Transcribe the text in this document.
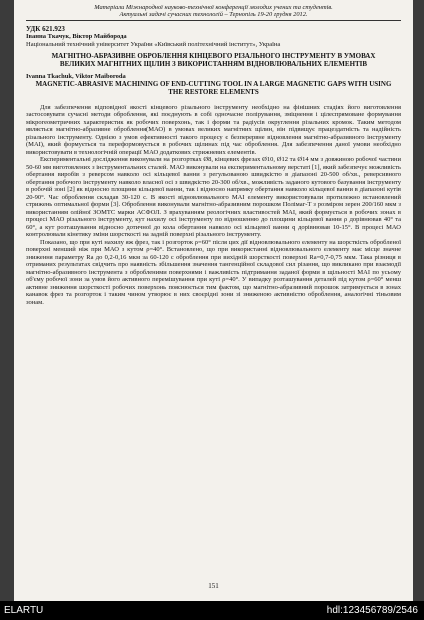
Матеріали Міжнародної науково-технічної конференції молодих учених та студентів.
Актуальні задачі сучасних технологій – Тернопіль 19-20 грудня 2012.
УДК 621.923
Іванна Ткачук, Віктор Майборода
Національний технічний університет України «Київський політехнічний інститут», Україна
МАГНІТНО-АБРАЗИВНЕ ОБРОБЛЕННЯ КІНЦЕВОГО РІЗАЛЬНОГО ІНСТРУМЕНТУ В УМОВАХ ВЕЛИКИХ МАГНІТНИХ ЩІЛИН З ВИКОРИСТАННЯМ ВІДНОВЛЮВАЛЬНИХ ЕЛЕМЕНТІВ
Ivanna Tkachuk, Viktor Maiboroda
MAGNETIC-ABRASIVE MACHINING OF END-CUTTING TOOL IN A LARGE MAGNETIC GAPS WITH USING THE RESTORE ELEMENTS
Для забезпечення відповідної якості кінцевого різального інструменту необхідно на фінішних стадіях його виготовлення застосовувати сучасні методи оброблення, які поєднують в собі одночасне полірування, зміцнення і цілеспрямоване формування мікрогеометричних характеристик як робочих поверхонь, так і форми та радіусів округлення різальних кромок. Таким методом являється магнітно-абразивне оброблення(МАО) в умовах великих магнітних щілин, він підвищує працездатність та надійність різального інструменту. Однією з умов ефективності такого процесу є безперервне відновлення магнітно-абразивного інструменту (МАІ), який формується та переформовується в робочих щілинах під час оброблення. Для забезпечення даної умови необхідно використовувати в технологічній операції МАО додаткових стрижневих елементів.
Експериментальні дослідження виконували на розгортках Ø8, кінцевих фрезах Ø10, Ø12 та Ø14 мм з довжиною робочої частини 50-60 мм виготовлених з інструментальних сталей. МАО виконували на експериментальному верстаті [1], який забезпечує можливість обертання виробів з реверсом навколо осі кільцевої ванни з регульованою швидкістю в діапазоні 20-500 об/хв., реверсивного обертання робочого інструменту навколо власної осі з швидкістю 20-300 об/хв., можливість заданого кутового базування інструменту в робочій зоні [2] як відносно площини кільцевої ванни, так і відносно напрямку обертання навколо кільцевої ванни в діапазоні кутів 20-90°. Час оброблення складав 30-120 с. В якості відновлювального МАІ елементу використовували протилежно встановлений стрижень оптимальної форми [3]. Оброблення виконували магнітно-абразивним порошком Полімаг-Т з розміром зерен 200/160 мкм з використанням олійної ЗОМТС марки АСФОЛ. З врахуванням реологічних властивостей МАІ, який формується в робочих зонах в процесі МАО різального інструменту, кут нахилу осі інструменту по відношенню до площини кільцевої ванни ρ дорівнював 40° та 60°, а кут розташування відносно дотичної до кола обертання навколо осі кільцевої ванни q дорівнював 10-15°. В процесі МАО контролювали кінетику зміни шорсткості на задній поверхні різального інструменту.
Показано, що при куті нахилу яж фрез, так і розгорток ρ=60° після цих дії відновлювального елементу на шорсткість обробленої поверхні менший ніж при МАО з кутом ρ=40°. Встановлено, що при використанні відновлювального елементу має місце значне зниження параметру Ra до 0,2-0,16 мкм за 60-120 с оброблення при вихідній шорсткості поверхні Ra=0,7-0,75 мкм. Така різниця в отриманих результатах свідчить про наявність збільшення значення тангенційної складової сил різання, що викликано при взаємодії магнітно-абразивного інструмента з обробленими поверхнями і важливість підтримання заданої форми в щільності МАІ по усьому об'єму робочої зони за умов його активного перемішування при куті ρ=40°. У випадку розташування деталей під кутом ρ=60° менш активне зниження шорсткості робочих поверхонь пояснюється тим фактом, що магнітно-абразивний порошок затримується в зонах канавок фрез та розгорток і таким чином утворює в них своєрідні зони зі зниженою активністю оброблення, аналогічні тіньовим зонам.
151
ELARTU	hdl:123456789/2546
